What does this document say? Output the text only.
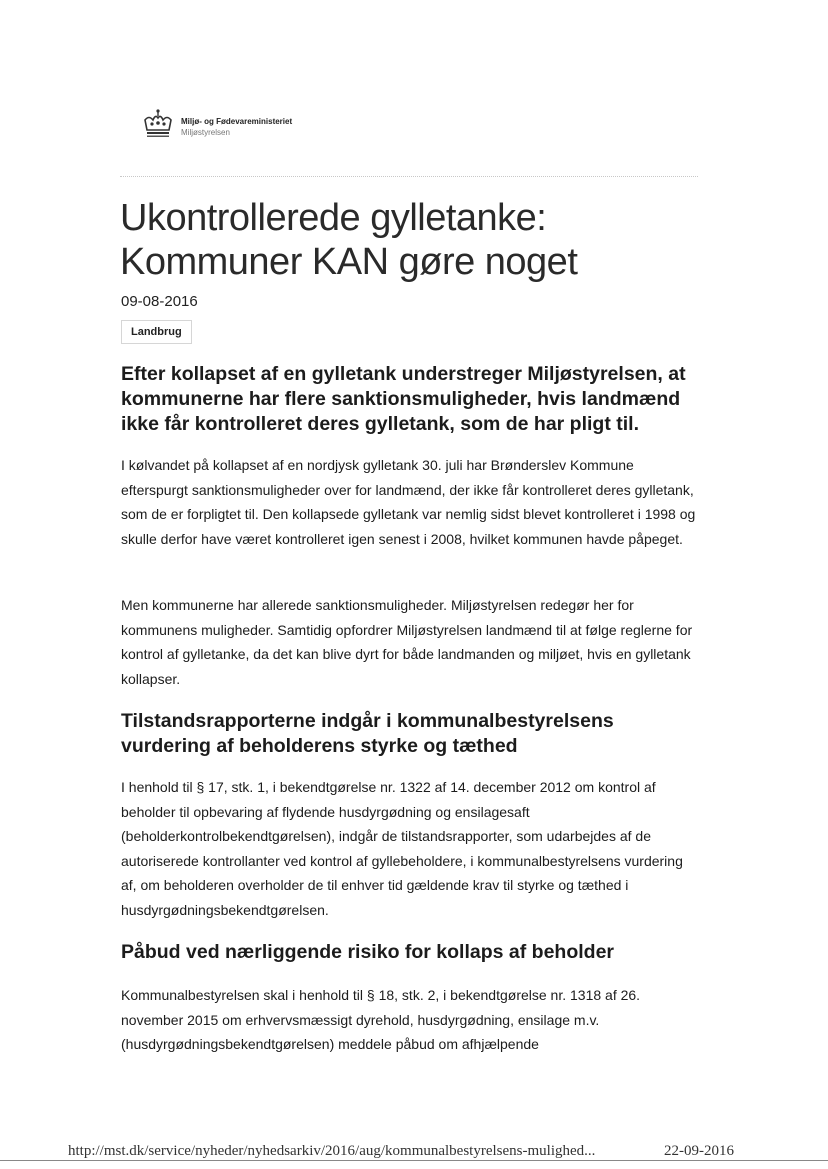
Miljø- og Fødevareministeriet
Miljøstyrelsen
Ukontrollerede gylletanke:
Kommuner KAN gøre noget
09-08-2016
Landbrug

Efter kollapset af en gylletank understreger Miljøstyrelsen, at kommunerne har flere sanktionsmuligheder, hvis landmænd ikke får kontrolleret deres gylletank, som de har pligt til.

I kølvandet på kollapset af en nordjysk gylletank 30. juli har Brønderslev Kommune efterspurgt sanktionsmuligheder over for landmænd, der ikke får kontrolleret deres gylletank, som de er forpligtet til. Den kollapsede gylletank var nemlig sidst blevet kontrolleret i 1998 og skulle derfor have været kontrolleret igen senest i 2008, hvilket kommunen havde påpeget.

Men kommunerne har allerede sanktionsmuligheder. Miljøstyrelsen redegør her for kommunens muligheder. Samtidig opfordrer Miljøstyrelsen landmænd til at følge reglerne for kontrol af gylletanke, da det kan blive dyrt for både landmanden og miljøet, hvis en gylletank kollapser.

Tilstandsrapporterne indgår i kommunalbestyrelsens vurdering af beholderens styrke og tæthed

I henhold til § 17, stk. 1, i bekendtgørelse nr. 1322 af 14. december 2012 om kontrol af beholder til opbevaring af flydende husdyrgødning og ensilagesaft (beholderkontrolbekendtgørelsen), indgår de tilstandsrapporter, som udarbejdes af de autoriserede kontrollanter ved kontrol af gyllebeholdere, i kommunalbestyrelsens vurdering af, om beholderen overholder de til enhver tid gældende krav til styrke og tæthed i husdyrgødningsbekendtgørelsen.

Påbud ved nærliggende risiko for kollaps af beholder

Kommunalbestyrelsen skal i henhold til § 18, stk. 2, i bekendtgørelse nr. 1318 af 26. november 2015 om erhvervsmæssigt dyrehold, husdyrgødning, ensilage m.v. (husdyrgødningsbekendtgørelsen) meddele påbud om afhjælpende

http://mst.dk/service/nyheder/nyhedsarkiv/2016/aug/kommunalbestyrelsens-mulighed...	22-09-2016
